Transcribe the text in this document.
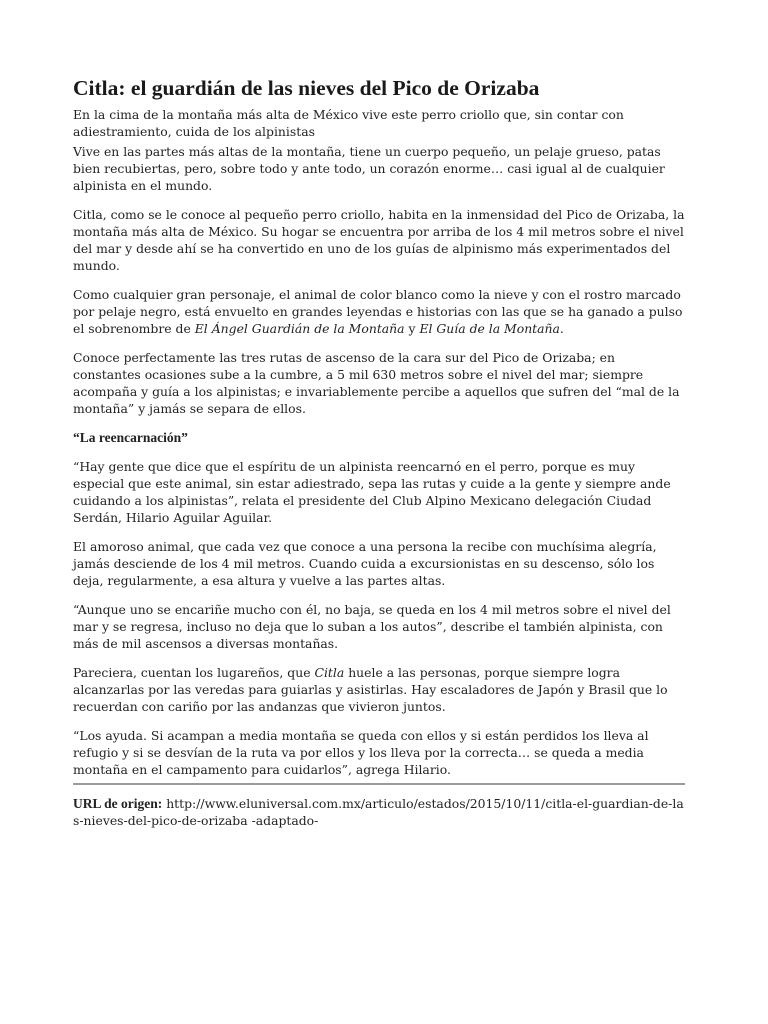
Citla: el guardián de las nieves del Pico de Orizaba

En la cima de la montaña más alta de México vive este perro criollo que, sin contar con adiestramiento, cuida de los alpinistas

Vive en las partes más altas de la montaña, tiene un cuerpo pequeño, un pelaje grueso, patas bien recubiertas, pero, sobre todo y ante todo, un corazón enorme… casi igual al de cualquier alpinista en el mundo.

Citla, como se le conoce al pequeño perro criollo, habita en la inmensidad del Pico de Orizaba, la montaña más alta de México. Su hogar se encuentra por arriba de los 4 mil metros sobre el nivel del mar y desde ahí se ha convertido en uno de los guías de alpinismo más experimentados del mundo.

Como cualquier gran personaje, el animal de color blanco como la nieve y con el rostro marcado por pelaje negro, está envuelto en grandes leyendas e historias con las que se ha ganado a pulso el sobrenombre de El Ángel Guardián de la Montaña y El Guía de la Montaña.

Conoce perfectamente las tres rutas de ascenso de la cara sur del Pico de Orizaba; en constantes ocasiones sube a la cumbre, a 5 mil 630 metros sobre el nivel del mar; siempre acompaña y guía a los alpinistas; e invariablemente percibe a aquellos que sufren del “mal de la montaña” y jamás se separa de ellos.

“La reencarnación”

“Hay gente que dice que el espíritu de un alpinista reencarnó en el perro, porque es muy especial que este animal, sin estar adiestrado, sepa las rutas y cuide a la gente y siempre ande cuidando a los alpinistas”, relata el presidente del Club Alpino Mexicano delegación Ciudad Serdán, Hilario Aguilar Aguilar.

El amoroso animal, que cada vez que conoce a una persona la recibe con muchísima alegría, jamás desciende de los 4 mil metros. Cuando cuida a excursionistas en su descenso, sólo los deja, regularmente, a esa altura y vuelve a las partes altas.

“Aunque uno se encariñe mucho con él, no baja, se queda en los 4 mil metros sobre el nivel del mar y se regresa, incluso no deja que lo suban a los autos”, describe el también alpinista, con más de mil ascensos a diversas montañas.

Pareciera, cuentan los lugareños, que Citla huele a las personas, porque siempre logra alcanzarlas por las veredas para guiarlas y asistirlas. Hay escaladores de Japón y Brasil que lo recuerdan con cariño por las andanzas que vivieron juntos.

“Los ayuda. Si acampan a media montaña se queda con ellos y si están perdidos los lleva al refugio y si se desvían de la ruta va por ellos y los lleva por la correcta… se queda a media montaña en el campamento para cuidarlos”, agrega Hilario.

URL de origen: http://www.eluniversal.com.mx/articulo/estados/2015/10/11/citla-el-guardian-de-las-nieves-del-pico-de-orizaba -adaptado-
